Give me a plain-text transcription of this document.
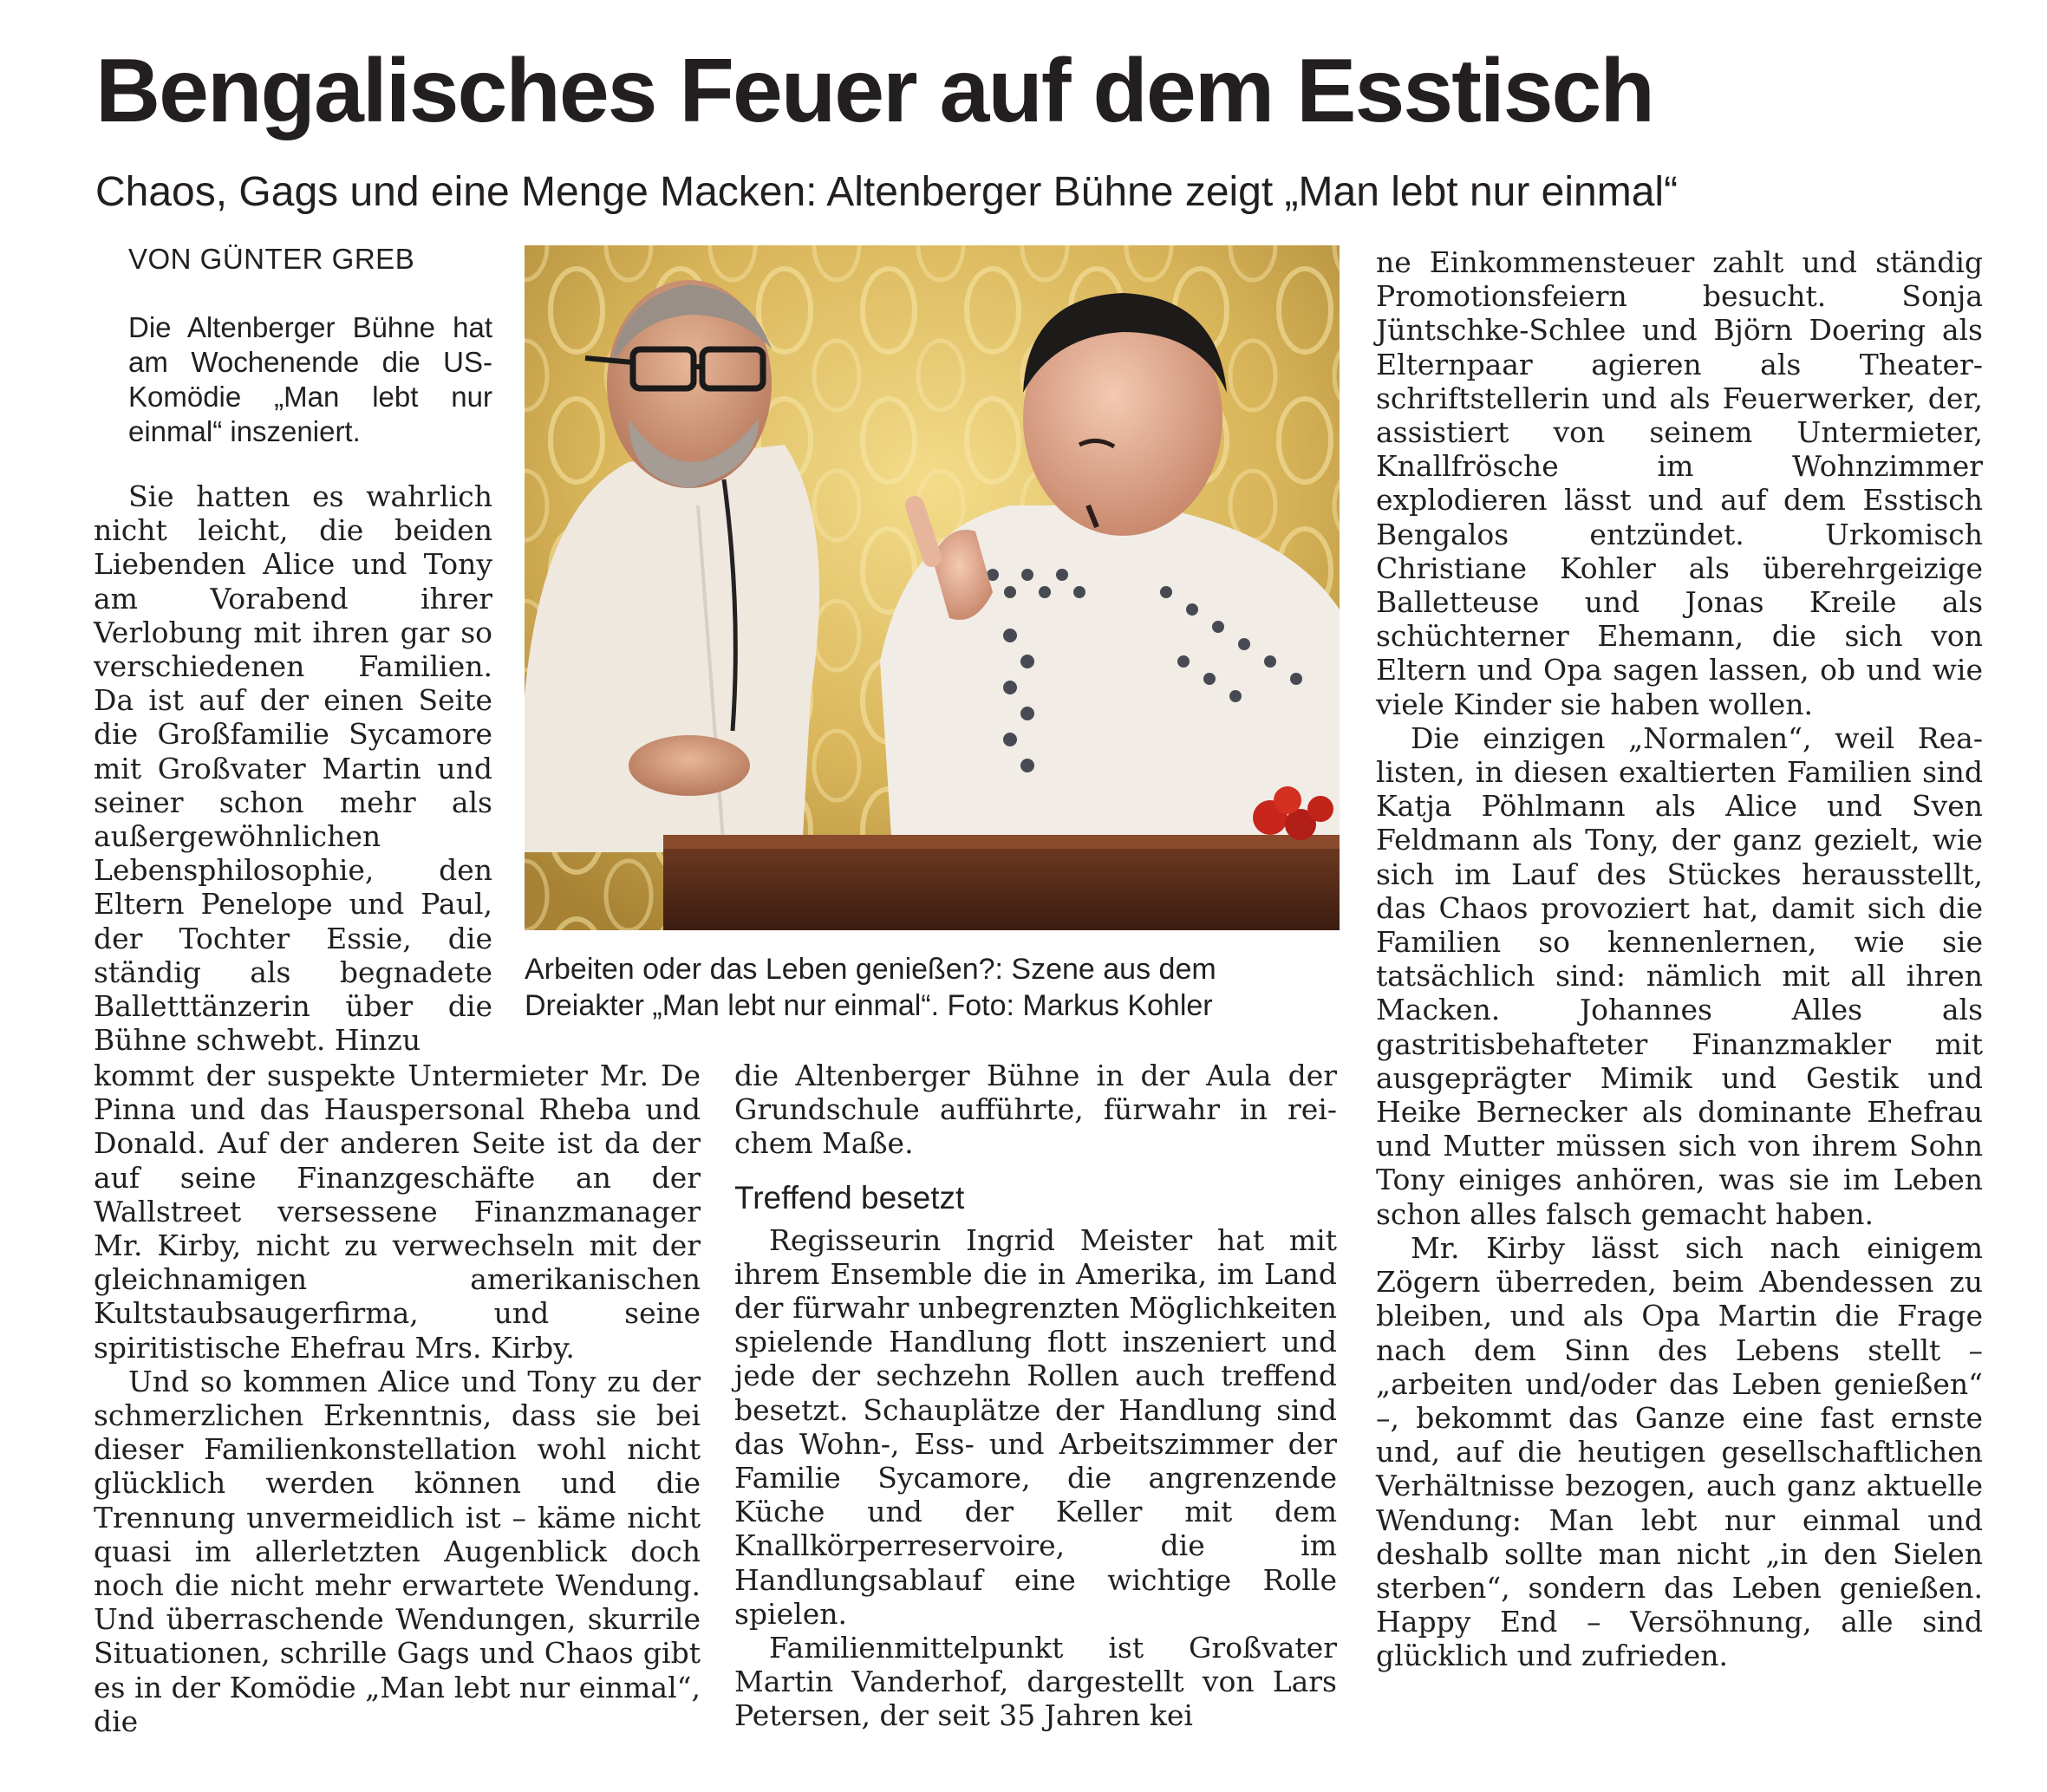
Bengalisches Feuer auf dem Esstisch
Chaos, Gags und eine Menge Macken: Altenberger Bühne zeigt „Man lebt nur einmal“
VON GÜNTER GREB

Die Altenberger Bühne hat am Wochenende die US-Komödie „Man lebt nur einmal“ inszeniert.

Sie hatten es wahrlich nicht leicht, die beiden Liebenden Alice und Tony am Vorabend ihrer Verlobung mit ihren gar so verschiedenen Familien. Da ist auf der einen Seite die Großfamilie Sycamore mit Großvater Martin und seiner schon mehr als außergewöhnlichen Lebensphilosophie, den Eltern Penelope und Paul, der Tochter Essie, die ständig als begnadete Balletttänzerin über die Bühne schwebt. Hinzu

Arbeiten oder das Leben genießen?: Szene aus dem
Dreiakter „Man lebt nur einmal“. Foto: Markus Kohler

kommt der suspekte Untermieter Mr. De Pinna und das Hauspersonal Rheba und Donald. Auf der anderen Seite ist da der auf seine Finanzgeschäfte an der Wallstreet versessene Finanzmanager Mr. Kirby, nicht zu verwechseln mit der gleichnamigen amerikanischen Kultstaubsaugerfirma, und seine spiritistische Ehefrau Mrs. Kirby.

Und so kommen Alice und Tony zu der schmerzlichen Erkenntnis, dass sie bei dieser Familienkonstellation wohl nicht glücklich werden können und die Trennung unvermeidlich ist – käme nicht quasi im allerletzten Augenblick doch noch die nicht mehr erwartete Wendung. Und überraschende Wendungen, skurrile Situationen, schrille Gags und Chaos gibt es in der Komödie „Man lebt nur einmal“, die

die Altenberger Bühne in der Aula der Grundschule aufführte, fürwahr in reichem Maße.

Treffend besetzt

Regisseurin Ingrid Meister hat mit ihrem Ensemble die in Amerika, im Land der fürwahr unbegrenzten Möglichkeiten spielende Handlung flott inszeniert und jede der sechzehn Rollen auch treffend besetzt. Schauplätze der Handlung sind das Wohn-, Ess- und Arbeitszimmer der Familie Sycamore, die angrenzende Küche und der Keller mit dem Knallkörperreservoire, die im Handlungsablauf eine wichtige Rolle spielen.

Familienmittelpunkt ist Großvater Martin Vanderhof, dargestellt von Lars Petersen, der seit 35 Jahren kei

ne Einkommensteuer zahlt und ständig Promotionsfeiern besucht. Sonja Jüntschke-Schlee und Björn Doering als Elternpaar agieren als Theaterschriftstellerin und als Feuerwerker, der, assistiert von seinem Untermieter, Knallfrösche im Wohnzimmer explodieren lässt und auf dem Esstisch Bengalos entzündet. Urkomisch Christiane Kohler als überehrgeizige Balletteuse und Jonas Kreile als schüchterner Ehemann, die sich von Eltern und Opa sagen lassen, ob und wie viele Kinder sie haben wollen.

Die einzigen „Normalen“, weil Realisten, in diesen exaltierten Familien sind Katja Pöhlmann als Alice und Sven Feldmann als Tony, der ganz gezielt, wie sich im Lauf des Stückes herausstellt, das Chaos provoziert hat, damit sich die Familien so kennenlernen, wie sie tatsächlich sind: nämlich mit all ihren Macken. Johannes Alles als gastritisbehafteter Finanzmakler mit ausgeprägter Mimik und Gestik und Heike Bernecker als dominante Ehefrau und Mutter müssen sich von ihrem Sohn Tony einiges anhören, was sie im Leben schon alles falsch gemacht haben.

Mr. Kirby lässt sich nach einigem Zögern überreden, beim Abendessen zu bleiben, und als Opa Martin die Frage nach dem Sinn des Lebens stellt – „arbeiten und/oder das Leben genießen“ –, bekommt das Ganze eine fast ernste und, auf die heutigen gesellschaftlichen Verhältnisse bezogen, auch ganz aktuelle Wendung: Man lebt nur einmal und deshalb sollte man nicht „in den Sielen sterben“, sondern das Leben genießen. Happy End – Versöhnung, alle sind glücklich und zufrieden.
